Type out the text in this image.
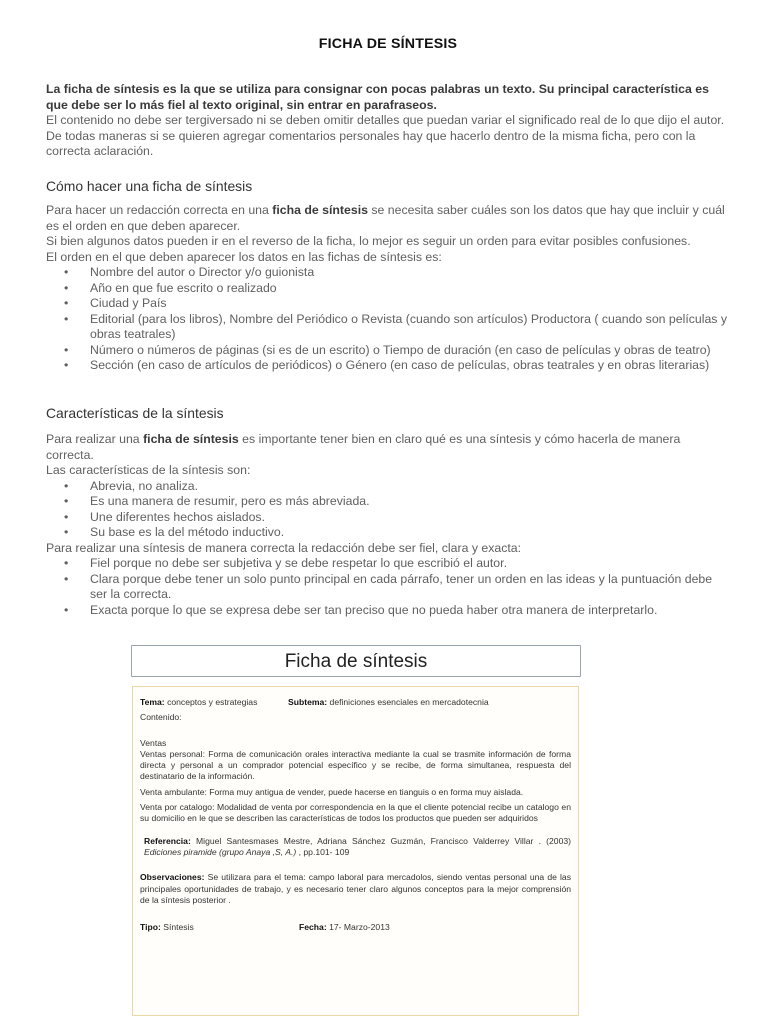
FICHA DE SÍNTESIS

La ficha de síntesis es la que se utiliza para consignar con pocas palabras un texto. Su principal característica es que debe ser lo más fiel al texto original, sin entrar en parafraseos.
El contenido no debe ser tergiversado ni se deben omitir detalles que puedan variar el significado real de lo que dijo el autor. De todas maneras si se quieren agregar comentarios personales hay que hacerlo dentro de la misma ficha, pero con la correcta aclaración.

Cómo hacer una ficha de síntesis

Para hacer un redacción correcta en una ficha de síntesis se necesita saber cuáles son los datos que hay que incluir y cuál es el orden en que deben aparecer.

Si bien algunos datos pueden ir en el reverso de la ficha, lo mejor es seguir un orden para evitar posibles confusiones.

El orden en el que deben aparecer los datos en las fichas de síntesis es:

• Nombre del autor o Director y/o guionista
• Año en que fue escrito o realizado
• Ciudad y País
• Editorial (para los libros), Nombre del Periódico o Revista (cuando son artículos) Productora ( cuando son películas y obras teatrales)
• Número o números de páginas (si es de un escrito) o Tiempo de duración (en caso de películas y obras de teatro)
• Sección (en caso de artículos de periódicos) o Género (en caso de películas, obras teatrales y en obras literarias)
Características de la síntesis

Para realizar una ficha de síntesis es importante tener bien en claro qué es una síntesis y cómo hacerla de manera correcta.

Las características de la síntesis son:

• Abrevia, no analiza.
• Es una manera de resumir, pero es más abreviada.
• Une diferentes hechos aislados.
• Su base es la del método inductivo.

Para realizar una síntesis de manera correcta la redacción debe ser fiel, clara y exacta:

• Fiel porque no debe ser subjetiva y se debe respetar lo que escribió el autor.
• Clara porque debe tener un solo punto principal en cada párrafo, tener un orden en las ideas y la puntuación debe ser la correcta.
• Exacta porque lo que se expresa debe ser tan preciso que no pueda haber otra manera de interpretarlo.
Ficha de síntesis
Tema: conceptos y estrategias	Subtema: definiciones esenciales en mercadotecnia

Contenido:

Ventas

Ventas personal: Forma de comunicación orales interactiva mediante la cual se trasmite información de forma directa y personal a un comprador potencial específico y se recibe, de forma simultanea, respuesta del destinatario de la información.

Venta ambulante: Forma muy antigua de vender, puede hacerse en tianguis o en forma muy aislada.

Venta por catalogo: Modalidad de venta por correspondencia en la que el cliente potencial recibe un catalogo en su domicilio en le que se describen las características de todos los productos que pueden ser adquiridos

Referencia: Miguel Santesmases Mestre, Adriana Sánchez Guzmán, Francisco Valderrey Villar . (2003) Ediciones piramide (grupo Anaya ,S, A.) , pp.101- 109

Observaciones: Se utilizara para el tema: campo laboral para mercadolos, siendo ventas personal una de las principales oportunidades de trabajo, y es necesario tener claro algunos conceptos para la mejor comprensión de la síntesis posterior .

Tipo: Síntesis	Fecha: 17- Marzo-2013
